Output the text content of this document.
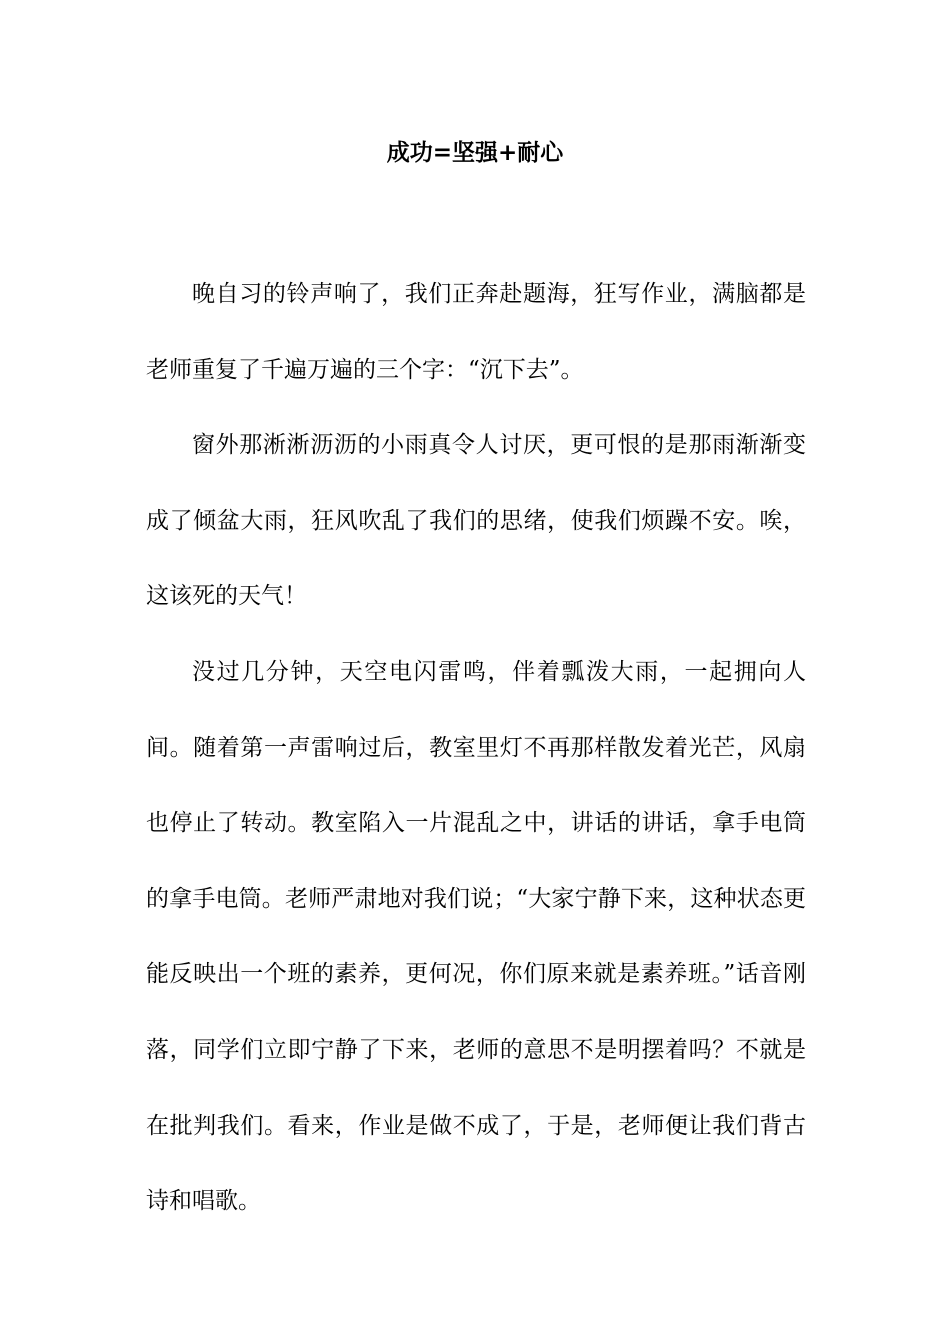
成功=坚强+耐心

晚自习的铃声响了，我们正奔赴题海，狂写作业，满脑都是老师重复了千遍万遍的三个字：“沉下去”。

窗外那淅淅沥沥的小雨真令人讨厌，更可恨的是那雨渐渐变成了倾盆大雨，狂风吹乱了我们的思绪，使我们烦躁不安。唉，这该死的天气！

没过几分钟，天空电闪雷鸣，伴着瓢泼大雨，一起拥向人间。随着第一声雷响过后，教室里灯不再那样散发着光芒，风扇也停止了转动。教室陷入一片混乱之中，讲话的讲话，拿手电筒的拿手电筒。老师严肃地对我们说；“大家宁静下来，这种状态更能反映出一个班的素养，更何况，你们原来就是素养班。”话音刚落，同学们立即宁静了下来，老师的意思不是明摆着吗？不就是在批判我们。看来，作业是做不成了，于是，老师便让我们背古诗和唱歌。
